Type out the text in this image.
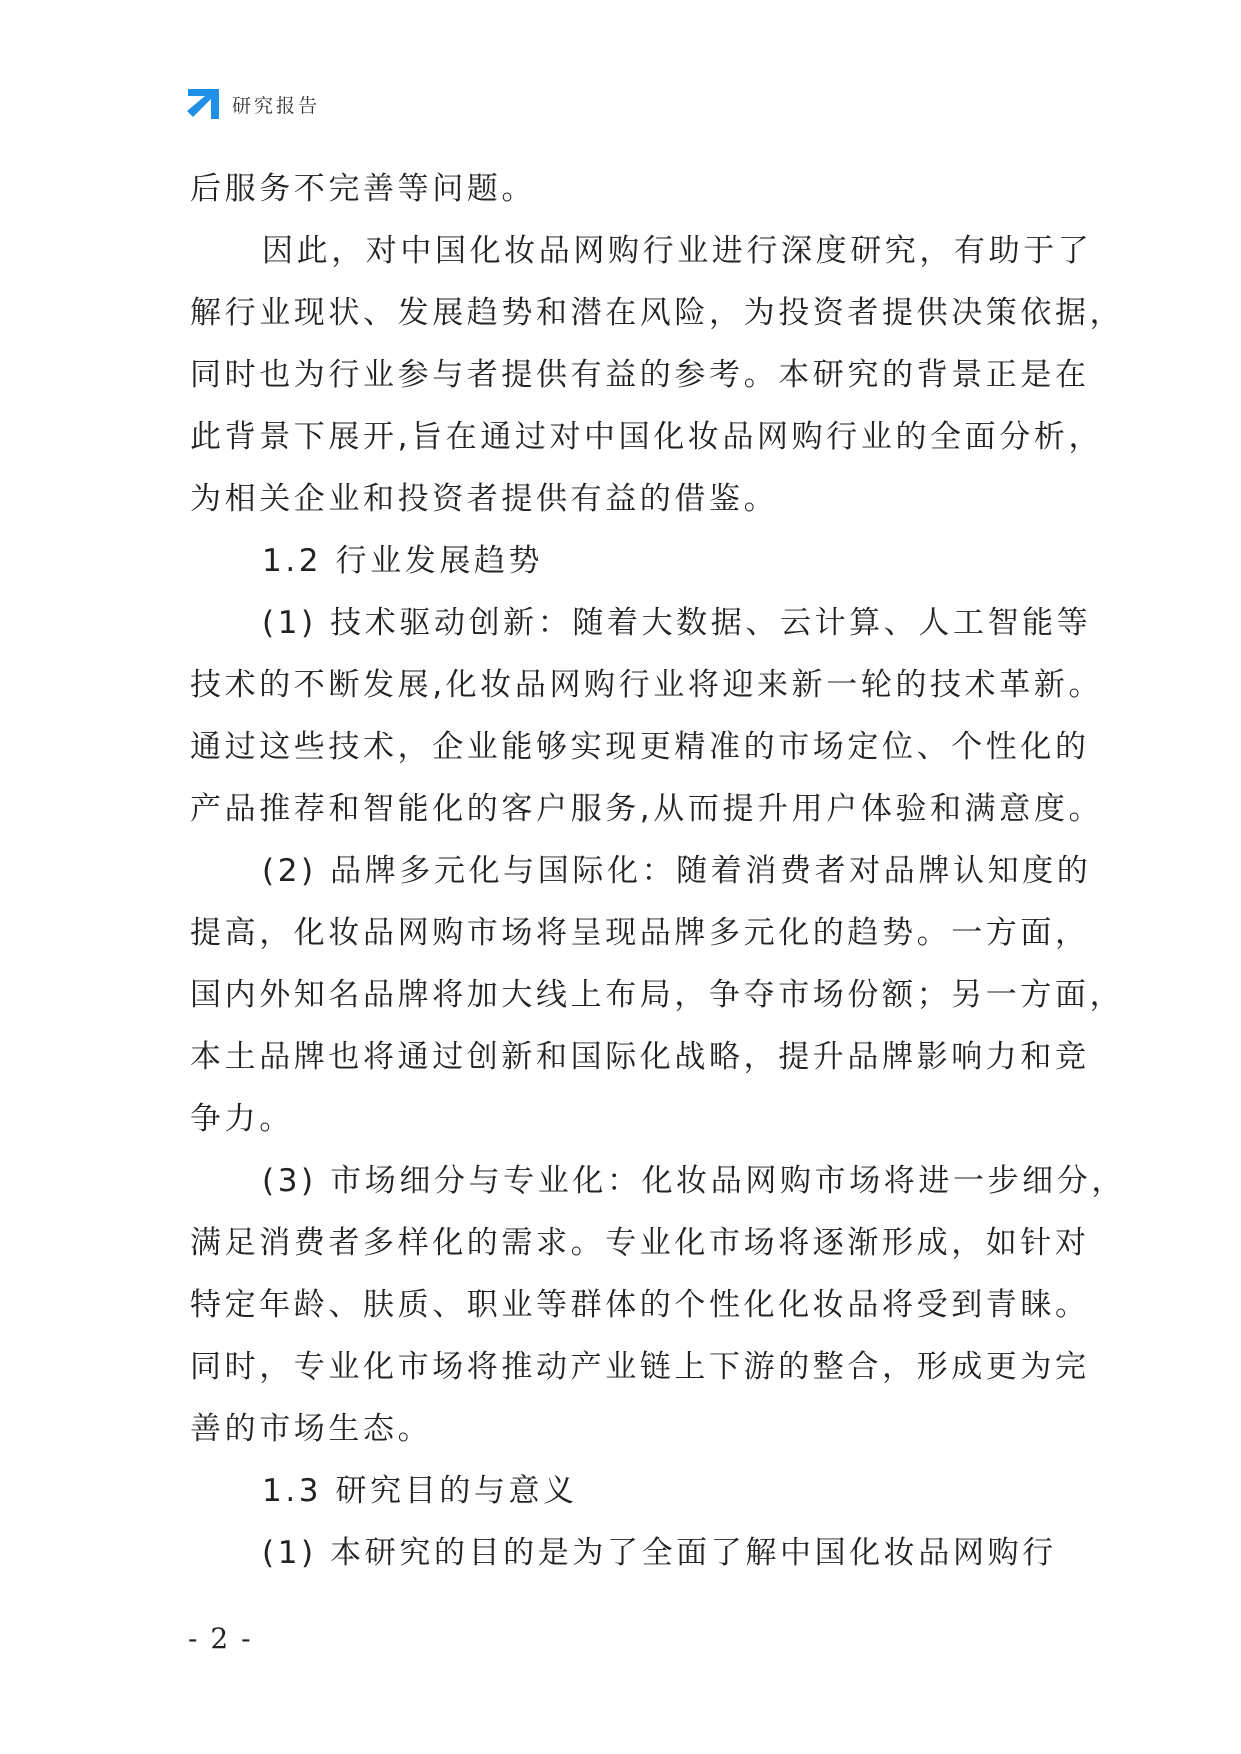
研究报告
后服务不完善等问题。
因此，对中国化妆品网购行业进行深度研究，有助于了
解行业现状、发展趋势和潜在风险，为投资者提供决策依据，
同时也为行业参与者提供有益的参考。本研究的背景正是在
此背景下展开,旨在通过对中国化妆品网购行业的全面分析，
为相关企业和投资者提供有益的借鉴。
1.2 行业发展趋势
(1) 技术驱动创新：随着大数据、云计算、人工智能等
技术的不断发展,化妆品网购行业将迎来新一轮的技术革新。
通过这些技术，企业能够实现更精准的市场定位、个性化的
产品推荐和智能化的客户服务,从而提升用户体验和满意度。
(2) 品牌多元化与国际化：随着消费者对品牌认知度的
提高，化妆品网购市场将呈现品牌多元化的趋势。一方面，
国内外知名品牌将加大线上布局，争夺市场份额；另一方面，
本土品牌也将通过创新和国际化战略，提升品牌影响力和竞
争力。
(3) 市场细分与专业化：化妆品网购市场将进一步细分，
满足消费者多样化的需求。专业化市场将逐渐形成，如针对
特定年龄、肤质、职业等群体的个性化化妆品将受到青睐。
同时，专业化市场将推动产业链上下游的整合，形成更为完
善的市场生态。
1.3 研究目的与意义
(1) 本研究的目的是为了全面了解中国化妆品网购行
- 2 -
